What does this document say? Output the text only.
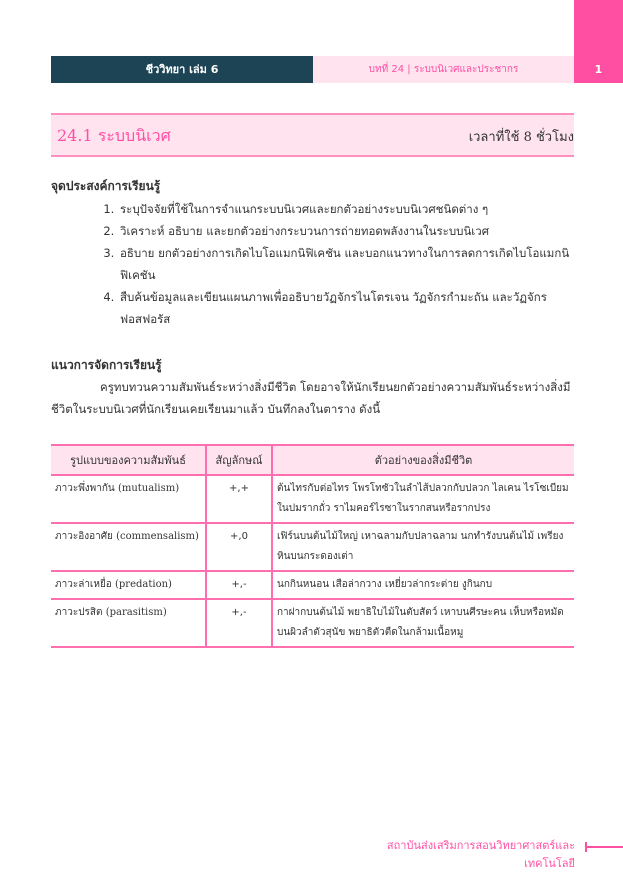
ชีววิทยา เล่ม 6	บทที่ 24 | ระบบนิเวศและประชากร	1
24.1 ระบบนิเวศ	เวลาที่ใช้ 8 ชั่วโมง
จุดประสงค์การเรียนรู้
1. ระบุปัจจัยที่ใช้ในการจำแนกระบบนิเวศและยกตัวอย่างระบบนิเวศชนิดต่าง ๆ
2. วิเคราะห์ อธิบาย และยกตัวอย่างกระบวนการถ่ายทอดพลังงานในระบบนิเวศ
3. อธิบาย ยกตัวอย่างการเกิดไบโอแมกนิฟิเคชัน และบอกแนวทางในการลดการเกิดไบโอแมกนิฟิเคชัน
4. สืบค้นข้อมูลและเขียนแผนภาพเพื่ออธิบายวัฏจักรไนโตรเจน วัฏจักรกำมะถัน และวัฏจักรฟอสฟอรัส
แนวการจัดการเรียนรู้
ครูทบทวนความสัมพันธ์ระหว่างสิ่งมีชีวิต โดยอาจให้นักเรียนยกตัวอย่างความสัมพันธ์ระหว่างสิ่งมีชีวิตในระบบนิเวศที่นักเรียนเคยเรียนมาแล้ว บันทึกลงในตาราง ดังนี้
รูปแบบของความสัมพันธ์	สัญลักษณ์	ตัวอย่างของสิ่งมีชีวิต
ภาวะพึ่งพากัน (mutualism)	+,+	ต้นไทรกับต่อไทร โพรโทซัวในลำไส้ปลวกกับปลวก ไลเคน ไรโซเบียมในปมรากถั่ว ราไมคอร์ไรซาในรากสนหรือรากปรง
ภาวะอิงอาศัย (commensalism)	+,0	เฟิร์นบนต้นไม้ใหญ่ เหาฉลามกับปลาฉลาม นกทำรังบนต้นไม้ เพรียงหินบนกระดองเต่า
ภาวะล่าเหยื่อ (predation)	+,-	นกกินหนอน เสือล่ากวาง เหยี่ยวล่ากระต่าย งูกินกบ
ภาวะปรสิต (parasitism)	+,-	กาฝากบนต้นไม้ พยาธิใบไม้ในตับสัตว์ เหาบนศีรษะคน เห็บหรือหมัดบนผิวลำตัวสุนัข พยาธิตัวตืดในกล้ามเนื้อหมู
สถาบันส่งเสริมการสอนวิทยาศาสตร์และเทคโนโลยี
